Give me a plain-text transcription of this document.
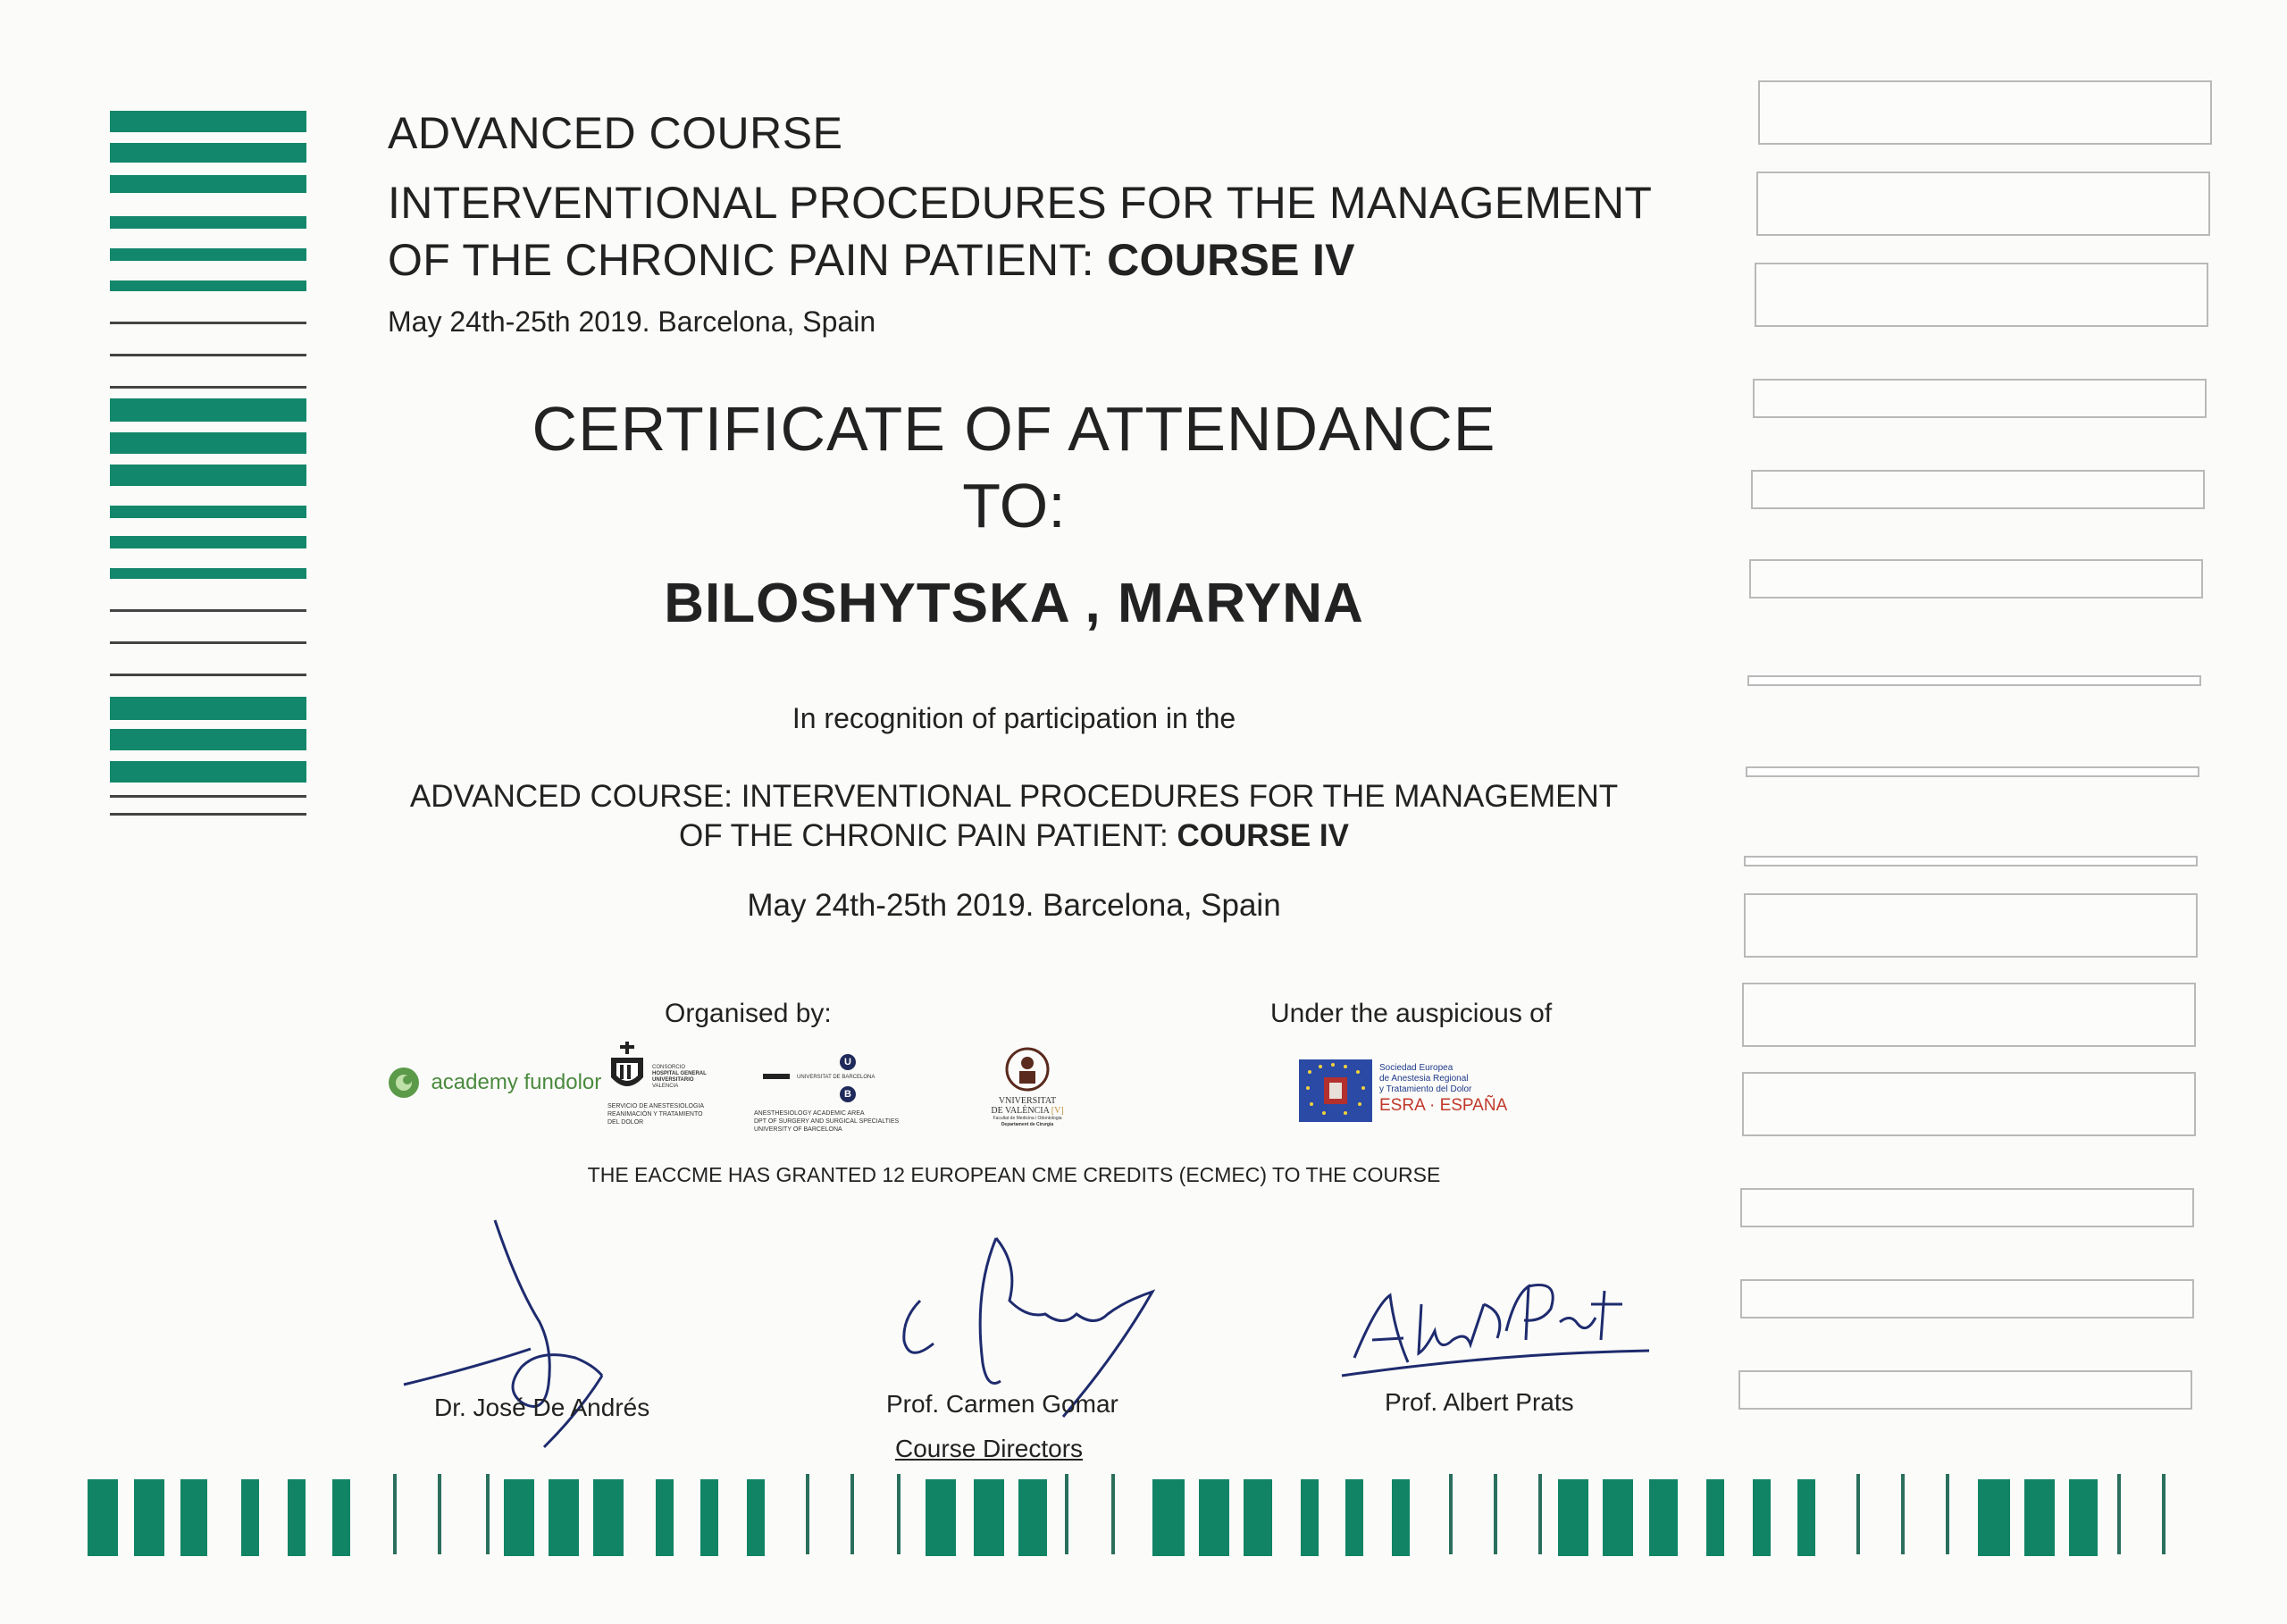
ADVANCED COURSE
INTERVENTIONAL PROCEDURES FOR THE MANAGEMENT
OF THE CHRONIC PAIN PATIENT: COURSE IV
May 24th-25th 2019. Barcelona, Spain
CERTIFICATE OF ATTENDANCE
TO:
BILOSHYTSKA , MARYNA
In recognition of participation in the
ADVANCED COURSE: INTERVENTIONAL PROCEDURES FOR THE MANAGEMENT
OF THE CHRONIC PAIN PATIENT: COURSE IV
May 24th-25th 2019. Barcelona, Spain
Organised by:	Under the auspicious of
academy fundolor
CONSORCIO
HOSPITAL GENERAL
UNIVERSITARIO
VALENCIA
SERVICIO DE ANESTESIOLOGIA
REANIMACIÓN Y TRATAMIENTO
DEL DOLOR
UNIVERSITAT DE BARCELONA
U
B
ANESTHESIOLOGY ACADEMIC AREA
DPT OF SURGERY AND SURGICAL SPECIALTIES
UNIVERSITY OF BARCELONA
VNIVERSITAT
DE VALÈNCIA [V]
Facultat de Medicina i Odontologia
Departament de Cirurgia
Sociedad Europea
de Anestesia Regional
y Tratamiento del Dolor
ESRA · ESPAÑA
THE EACCME HAS GRANTED 12 EUROPEAN CME CREDITS (ECMEC) TO THE COURSE
Dr. José De Andrés	Prof. Carmen Gomar	Prof. Albert Prats
Course Directors
